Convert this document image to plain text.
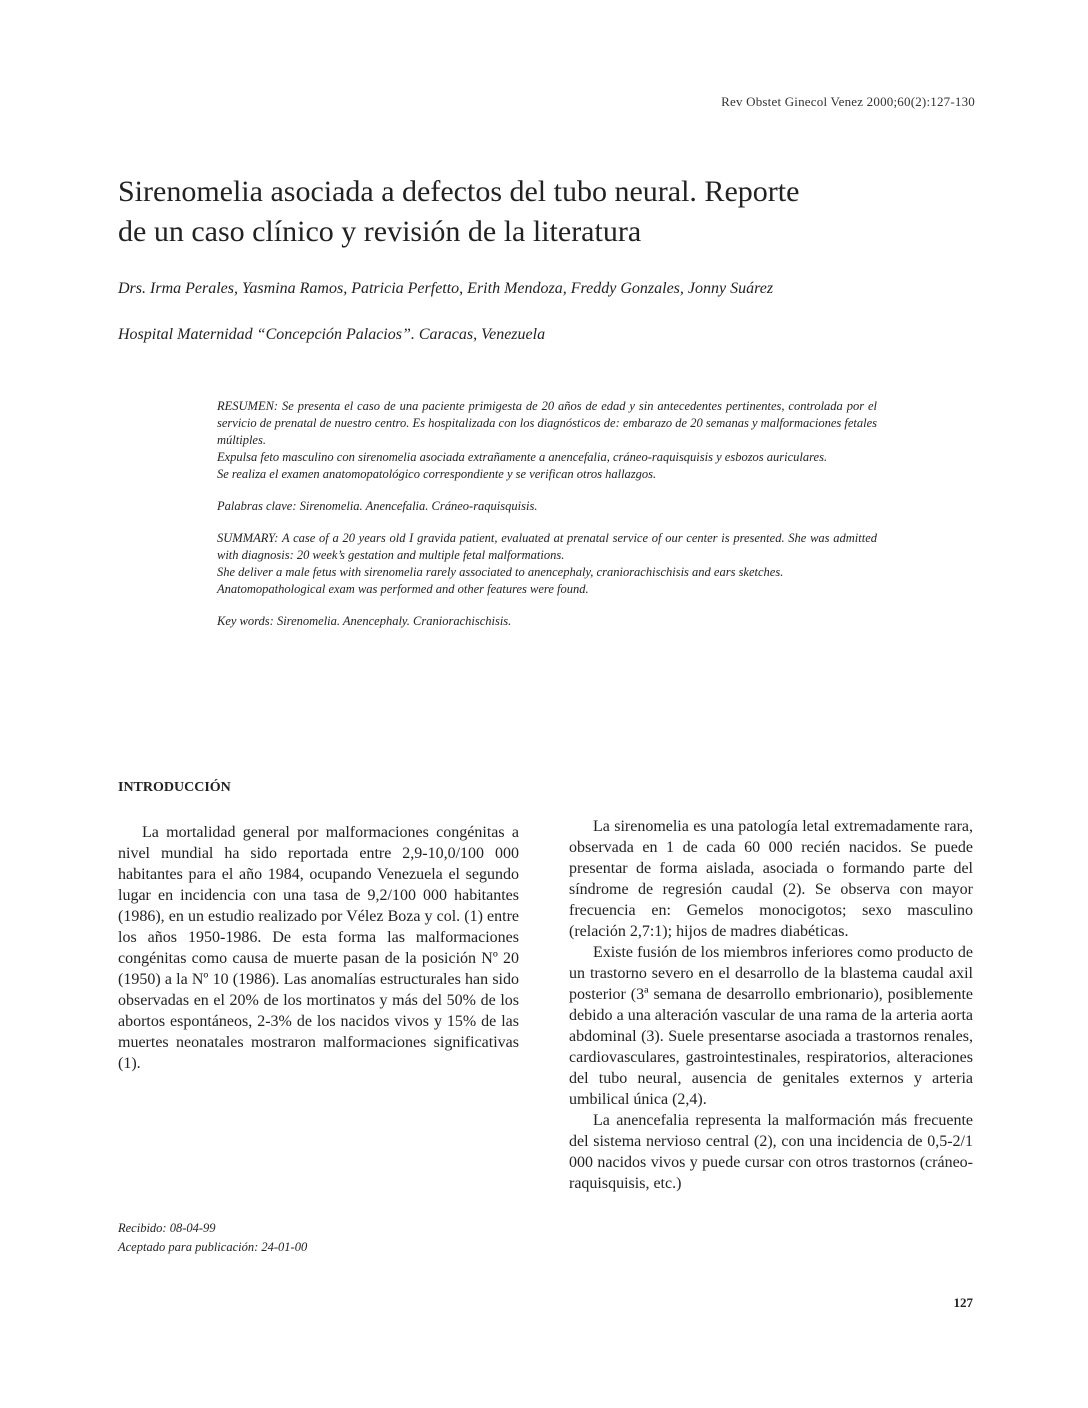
Rev Obstet Ginecol Venez 2000;60(2):127-130
Sirenomelia asociada a defectos del tubo neural. Reporte
de un caso clínico y revisión de la literatura
Drs. Irma Perales, Yasmina Ramos, Patricia Perfetto, Erith Mendoza, Freddy Gonzales, Jonny Suárez
Hospital Maternidad “Concepción Palacios”. Caracas, Venezuela

RESUMEN: Se presenta el caso de una paciente primigesta de 20 años de edad y sin antecedentes pertinentes, controlada por el servicio de prenatal de nuestro centro. Es hospitalizada con los diagnósticos de: embarazo de 20 semanas y malformaciones fetales múltiples.

Expulsa feto masculino con sirenomelia asociada extrañamente a anencefalia, cráneo-raquisquisis y esbozos auriculares.

Se realiza el examen anatomopatológico correspondiente y se verifican otros hallazgos.

Palabras clave: Sirenomelia. Anencefalia. Cráneo-raquisquisis.

SUMMARY: A case of a 20 years old I gravida patient, evaluated at prenatal service of our center is presented. She was admitted with diagnosis: 20 week’s gestation and multiple fetal malformations.

She deliver a male fetus with sirenomelia rarely associated to anencephaly, craniorachischisis and ears sketches.

Anatomopathological exam was performed and other features were found.

Key words: Sirenomelia. Anencephaly. Craniorachischisis.

INTRODUCCIÓN

La mortalidad general por malformaciones congénitas a nivel mundial ha sido reportada entre 2,9-10,0/100 000 habitantes para el año 1984, ocupando Venezuela el segundo lugar en incidencia con una tasa de 9,2/100 000 habitantes (1986), en un estudio realizado por Vélez Boza y col. (1) entre los años 1950-1986. De esta forma las malformaciones congénitas como causa de muerte pasan de la posición Nº 20 (1950) a la Nº 10 (1986). Las anomalías estructurales han sido observadas en el 20% de los mortinatos y más del 50% de los abortos espontáneos, 2-3% de los nacidos vivos y 15% de las muertes neonatales mostraron malformaciones significativas (1).

La sirenomelia es una patología letal extremadamente rara, observada en 1 de cada 60 000 recién nacidos. Se puede presentar de forma aislada, asociada o formando parte del síndrome de regresión caudal (2). Se observa con mayor frecuencia en: Gemelos monocigotos; sexo masculino (relación 2,7:1); hijos de madres diabéticas.

Existe fusión de los miembros inferiores como producto de un trastorno severo en el desarrollo de la blastema caudal axil posterior (3ª semana de desarrollo embrionario), posiblemente debido a una alteración vascular de una rama de la arteria aorta abdominal (3). Suele presentarse asociada a trastornos renales, cardiovasculares, gastrointestinales, respiratorios, alteraciones del tubo neural, ausencia de genitales externos y arteria umbilical única (2,4).

La anencefalia representa la malformación más frecuente del sistema nervioso central (2), con una incidencia de 0,5-2/1 000 nacidos vivos y puede cursar con otros trastornos (cráneo-raquisquisis, etc.)

Recibido: 08-04-99
Aceptado para publicación: 24-01-00
127
